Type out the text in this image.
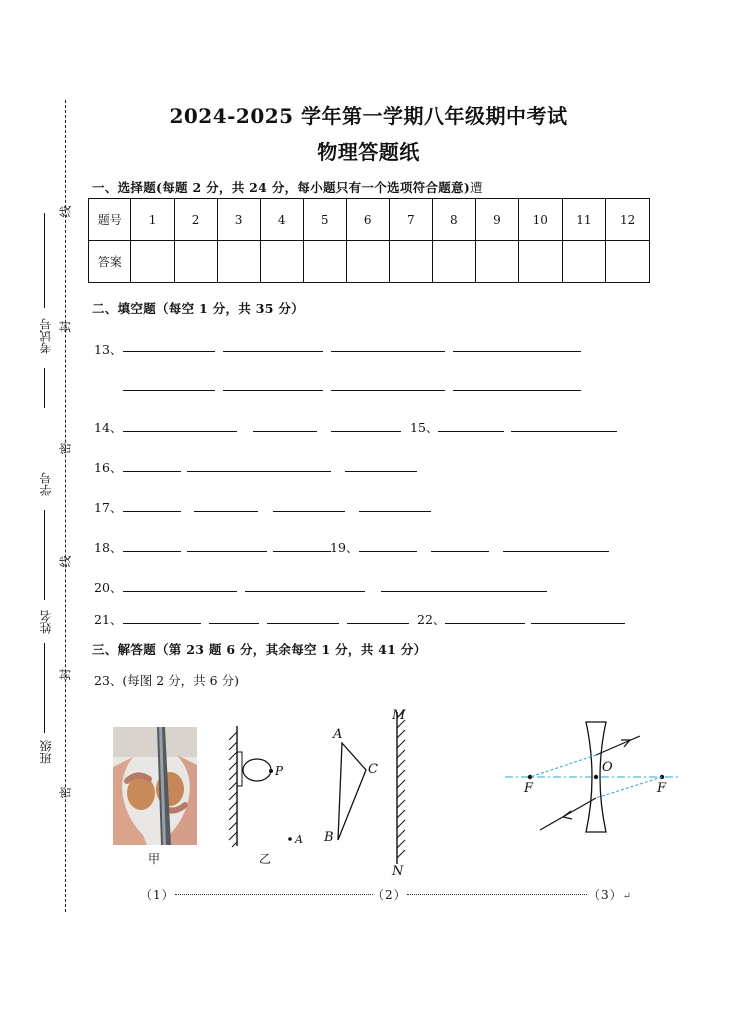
线
封
密
线
封
密
考试号
学号
姓名
班级
2024-2025 学年第一学期八年级期中考试
物理答题纸
一、选择题(每题 2 分，共 24 分，每小题只有一个选项符合题意)遭
题号	1	2	3	4	5	6	7	8	9	10	11	12
答案												
二、填空题（每空 1 分，共 35 分）
13、
14、	15、
16、
17、
18、	19、
20、
21、	22、
三、解答题（第 23 题 6 分，其余每空 1 分，共 41 分）
23、(每图 2 分，共 6 分)
甲
P
A
乙
A
C
B
M
N
F
O
F
（1）	（2）	（3）↵
